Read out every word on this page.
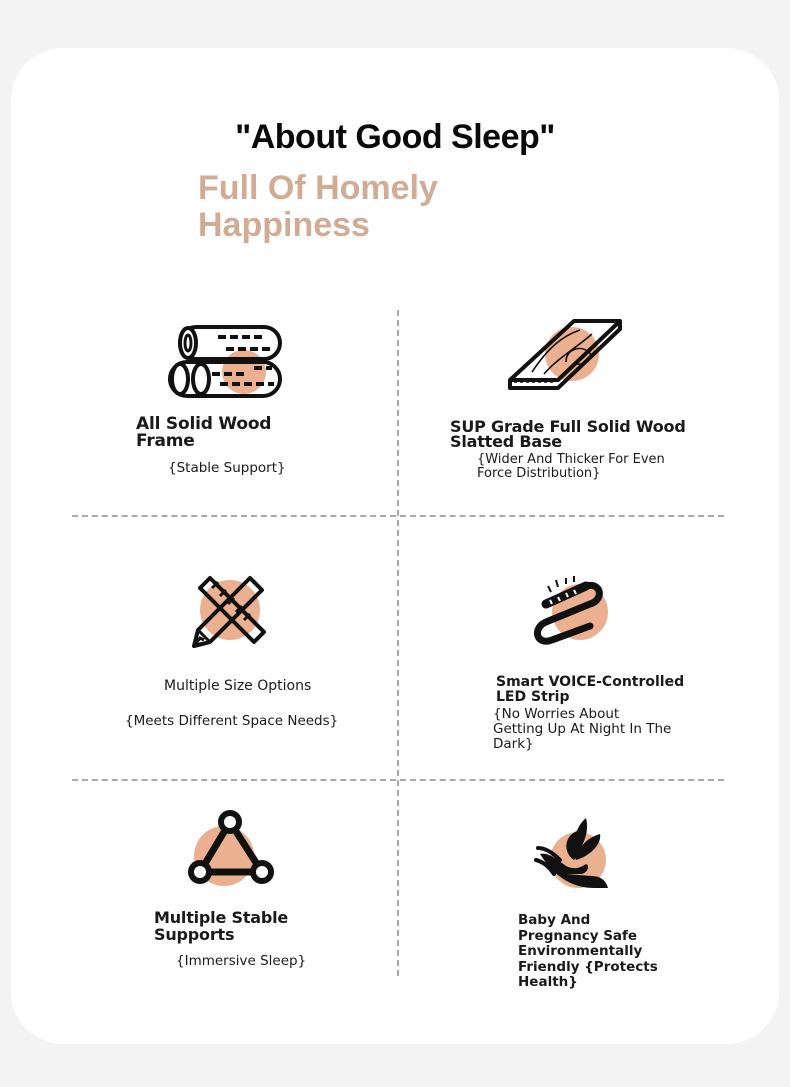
"About Good Sleep"
Full Of Homely Happiness

All Solid Wood Frame

{Stable Support}

SUP Grade Full Solid Wood Slatted Base

{Wider And Thicker For Even Force Distribution}

Multiple Size Options

{Meets Different Space Needs}

Smart VOICE-Controlled LED Strip

{No Worries About Getting Up At Night In The Dark}

Multiple Stable Supports

{Immersive Sleep}

Baby And Pregnancy Safe Environmentally Friendly {Protects Health}
